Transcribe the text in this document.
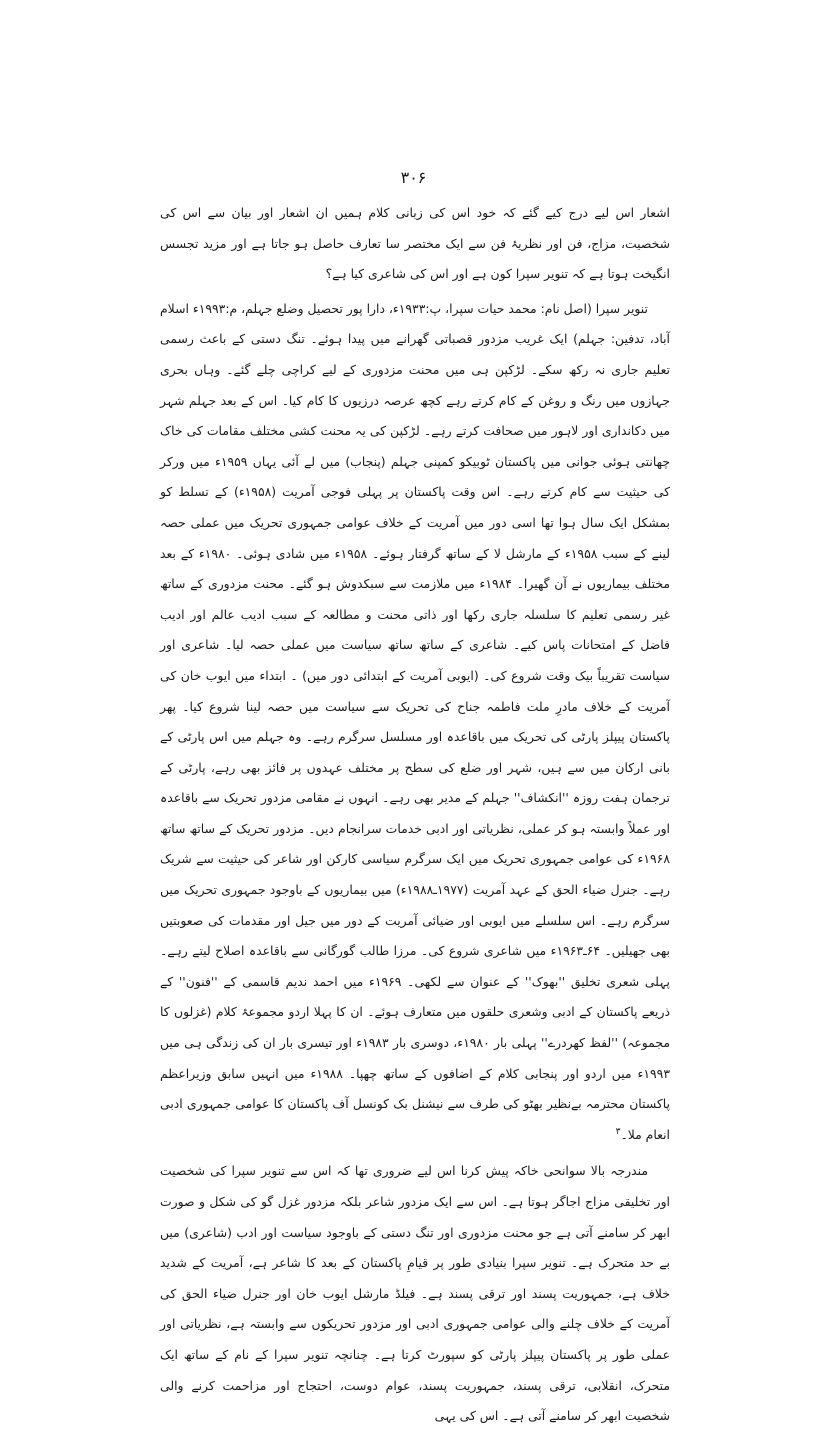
۳۰۶

اشعار اس لیے درج کیے گئے کہ خود اس کی زبانی کلام ہمیں ان اشعار اور بیان سے اس کی شخصیت، مزاج، فن اور نظریۂ فن سے ایک مختصر سا تعارف حاصل ہو جاتا ہے اور مزید تجسس انگیخت ہوتا ہے کہ تنویر سپرا کون ہے اور اس کی شاعری کیا ہے؟

تنویر سپرا (اصل نام: محمد حیات سپرا، پ:۱۹۳۳ء، دارا پور تحصیل وضلع جہلم، م:۱۹۹۳ء اسلام آباد، تدفین: جہلم) ایک غریب مزدور قصباتی گھرانے میں پیدا ہوئے۔ تنگ دستی کے باعث رسمی تعلیم جاری نہ رکھ سکے۔ لڑکپن ہی میں محنت مزدوری کے لیے کراچی چلے گئے۔ وہاں بحری جہازوں میں رنگ و روغن کے کام کرتے رہے کچھ عرصہ درزیوں کا کام کیا۔ اس کے بعد جہلم شہر میں دکانداری اور لاہور میں صحافت کرتے رہے۔ لڑکپن کی یہ محنت کشی مختلف مقامات کی خاک چھانتی ہوئی جوانی میں پاکستان ٹوبیکو کمپنی جہلم (پنجاب) میں لے آئی یہاں ۱۹۵۹ء میں ورکر کی حیثیت سے کام کرتے رہے۔ اس وقت پاکستان پر پہلی فوجی آمریت (۱۹۵۸ء) کے تسلط کو بمشکل ایک سال ہوا تھا اسی دور میں آمریت کے خلاف عوامی جمہوری تحریک میں عملی حصہ لینے کے سبب ۱۹۵۸ء کے مارشل لا کے ساتھ گرفتار ہوئے۔ ۱۹۵۸ء میں شادی ہوئی۔ ۱۹۸۰ء کے بعد مختلف بیماریوں نے آن گھیرا۔ ۱۹۸۴ء میں ملازمت سے سبکدوش ہو گئے۔ محنت مزدوری کے ساتھ غیر رسمی تعلیم کا سلسلہ جاری رکھا اور ذاتی محنت و مطالعہ کے سبب ادیب عالم اور ادیب فاضل کے امتحانات پاس کیے۔ شاعری کے ساتھ ساتھ سیاست میں عملی حصہ لیا۔ شاعری اور سیاست تقریباً بیک وقت شروع کی۔ (ایوبی آمریت کے ابتدائی دور میں) ۔ ابتداء میں ایوب خان کی آمریت کے خلاف مادرِ ملت فاطمہ جناح کی تحریک سے سیاست میں حصہ لینا شروع کیا۔ پھر پاکستان پیپلز پارٹی کی تحریک میں باقاعدہ اور مسلسل سرگرم رہے۔ وہ جہلم میں اس پارٹی کے بانی ارکان میں سے ہیں، شہر اور ضلع کی سطح پر مختلف عہدوں پر فائز بھی رہے، پارٹی کے ترجمان ہفت روزہ ''انکشاف'' جہلم کے مدیر بھی رہے۔ انہوں نے مقامی مزدور تحریک سے باقاعدہ اور عملاً وابستہ ہو کر عملی، نظریاتی اور ادبی خدمات سرانجام دیں۔ مزدور تحریک کے ساتھ ساتھ ۱۹۶۸ء کی عوامی جمہوری تحریک میں ایک سرگرم سیاسی کارکن اور شاعر کی حیثیت سے شریک رہے۔ جنرل ضیاء الحق کے عہد آمریت (۱۹۷۷ـ۱۹۸۸ء) میں بیماریوں کے باوجود جمہوری تحریک میں سرگرم رہے۔ اس سلسلے میں ایوبی اور ضیائی آمریت کے دور میں جیل اور مقدمات کی صعوبتیں بھی جھیلیں۔ ۶۴ـ۱۹۶۳ء میں شاعری شروع کی۔ مرزا طالب گورگانی سے باقاعدہ اصلاح لیتے رہے۔ پہلی شعری تخلیق ''بھوک'' کے عنوان سے لکھی۔ ۱۹۶۹ء میں احمد ندیم قاسمی کے ''فنون'' کے ذریعے پاکستان کے ادبی وشعری حلقوں میں متعارف ہوئے۔ ان کا پہلا اردو مجموعۂ کلام (غزلوں کا مجموعہ) ''لفظ کھردرے'' پہلی بار ۱۹۸۰ء، دوسری بار ۱۹۸۳ء اور تیسری بار ان کی زندگی ہی میں ۱۹۹۳ء میں اردو اور پنجابی کلام کے اضافوں کے ساتھ چھپا۔ ۱۹۸۸ء میں انہیں سابق وزیراعظم پاکستان محترمہ بےنظیر بھٹو کی طرف سے نیشنل بک کونسل آف پاکستان کا عوامی جمہوری ادبی انعام ملا۔$^۳$

مندرجہ بالا سوانحی خاکہ پیش کرنا اس لیے ضروری تھا کہ اس سے تنویر سپرا کی شخصیت اور تخلیقی مزاج اجاگر ہوتا ہے۔ اس سے ایک مزدور شاعر بلکہ مزدور غزل گو کی شکل و صورت ابھر کر سامنے آتی ہے جو محنت مزدوری اور تنگ دستی کے باوجود سیاست اور ادب (شاعری) میں بے حد متحرک ہے۔ تنویر سپرا بنیادی طور پر قیامِ پاکستان کے بعد کا شاعر ہے، آمریت کے شدید خلاف ہے، جمہوریت پسند اور ترقی پسند ہے۔ فیلڈ مارشل ایوب خان اور جنرل ضیاء الحق کی آمریت کے خلاف چلنے والی عوامی جمہوری ادبی اور مزدور تحریکوں سے وابستہ ہے، نظریاتی اور عملی طور پر پاکستان پیپلز پارٹی کو سپورٹ کرتا ہے۔ چنانچہ تنویر سپرا کے نام کے ساتھ ایک متحرک، انقلابی، ترقی پسند، جمہوریت پسند، عوام دوست، احتجاج اور مزاحمت کرنے والی شخصیت ابھر کر سامنے آتی ہے۔ اس کی یہی
